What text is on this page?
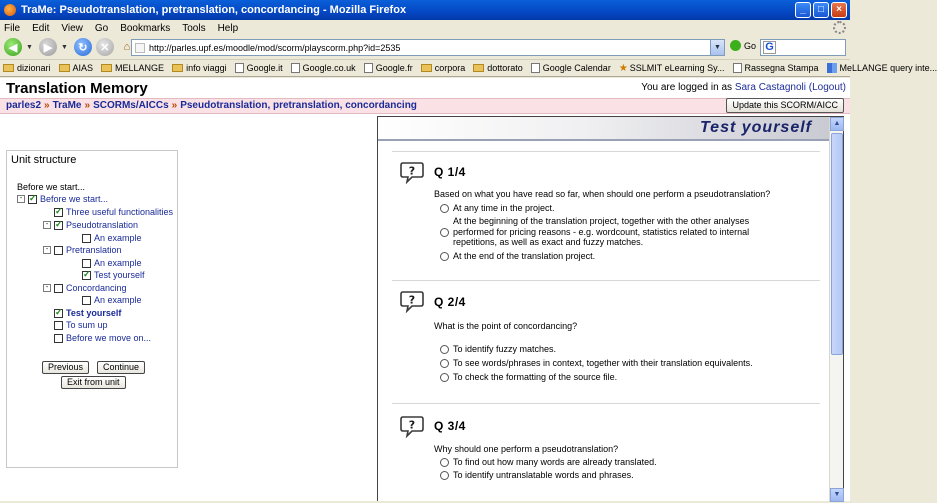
TraMe: Pseudotranslation, pretranslation, concordancing - Mozilla Firefox	_	□	×
File Edit View Go Bookmarks Tools Help
◀	▼ ▶	▼ ↻	✕	⌂	http://parles.upf.es/moodle/mod/scorm/playscorm.php?id=2535	▼	Go G
dizionari AIAS MELLANGE info viaggi Google.it Google.co.uk Google.fr corpora dottorato Google Calendar ★ SSLMIT eLearning Sy... Rassegna Stampa MeLLANGE query inte...
Translation Memory	You are logged in as Sara Castagnoli (Logout)
parles2 » TraMe » SCORMs/AICCs » Pseudotranslation, pretranslation, concordancing	Update this SCORM/AICC
Unit structure
Before we start...
- ✓	Before we start...
✓
Three useful functionalities
- ✓	Pseudotranslation
An example
-	Pretranslation
An example
✓
Test yourself
-	Concordancing
An example
✓
Test yourself
To sum up
Before we move on...
Previous	Continue
Exit from unit
Test yourself
? Q 1/4
Based on what you have read so far, when should one perform a pseudotranslation?
At any time in the project.
At the beginning of the translation project, together with the other analyses
performed for pricing reasons - e.g. wordcount, statistics related to internal
repetitions, as well as exact and fuzzy matches.
At the end of the translation project.
? Q 2/4
What is the point of concordancing?
To identify fuzzy matches.
To see words/phrases in context, together with their translation equivalents.
To check the formatting of the source file.
? Q 3/4
Why should one perform a pseudotranslation?
To find out how many words are already translated.
To identify untranslatable words and phrases.
▲
▼
